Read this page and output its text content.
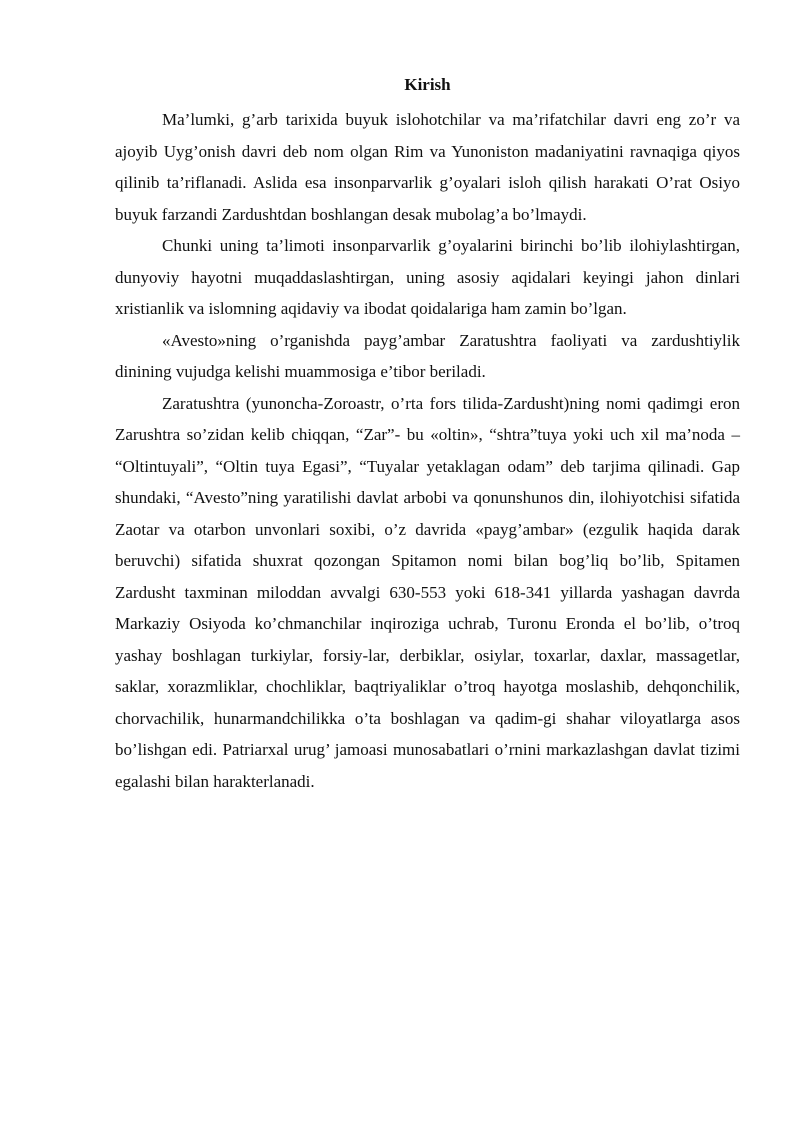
Kirish

Ma’lumki, g’arb tarixida buyuk islohotchilar va ma’rifatchilar davri eng zo’r va ajoyib Uyg’onish davri deb nom olgan Rim va Yunoniston madaniyatini ravnaqiga qiyos qilinib ta’riflanadi. Aslida esa insonparvarlik g’oyalari isloh qilish harakati O’rat Osiyo buyuk farzandi Zardushtdan boshlangan desak mubolag’a bo’lmaydi.

Chunki uning ta’limoti insonparvarlik g’oyalarini birinchi bo’lib ilohiylashtirgan, dunyoviy hayotni muqaddaslashtirgan, uning asosiy aqidalari keyingi jahon dinlari xristianlik va islomning aqidaviy va ibodat qoidalariga ham zamin bo’lgan.

«Avesto»ning o’rganishda payg’ambar Zaratushtra faoliyati va zardushtiylik dinining vujudga kelishi muammosiga e’tibor beriladi.

Zaratushtra (yunoncha-Zoroastr, o’rta fors tilida-Zardusht)ning nomi qadimgi eron Zarushtra so’zidan kelib chiqqan, “Zar”- bu «oltin», “shtra”tuya yoki uch xil ma’noda – “Oltintuyali”, “Oltin tuya Egasi”, “Tuyalar yetaklagan odam” deb tarjima qilinadi. Gap shundaki, “Avesto”ning yaratilishi davlat arbobi va qonunshunos din, ilohiyotchisi sifatida Zaotar va otarbon unvonlari soxibi, o’z davrida «payg’ambar» (ezgulik haqida darak beruvchi) sifatida shuxrat qozongan Spitamon nomi bilan bog’liq bo’lib, Spitamen Zardusht taxminan miloddan avvalgi 630-553 yoki 618-341 yillarda yashagan davrda Markaziy Osiyoda ko’chmanchilar inqiroziga uchrab, Turonu Eronda el bo’lib, o’troq yashay boshlagan turkiylar, forsiy-lar, derbiklar, osiylar, toxarlar, daxlar, massagetlar, saklar, xorazmliklar, chochliklar, baqtriyaliklar o’troq hayotga moslashib, dehqonchilik, chorvachilik, hunarmandchilikka o’ta boshlagan va qadim-gi shahar viloyatlarga asos bo’lishgan edi. Patriarxal urug’ jamoasi munosabatlari o’rnini markazlashgan davlat tizimi egalashi bilan harakterlanadi.
